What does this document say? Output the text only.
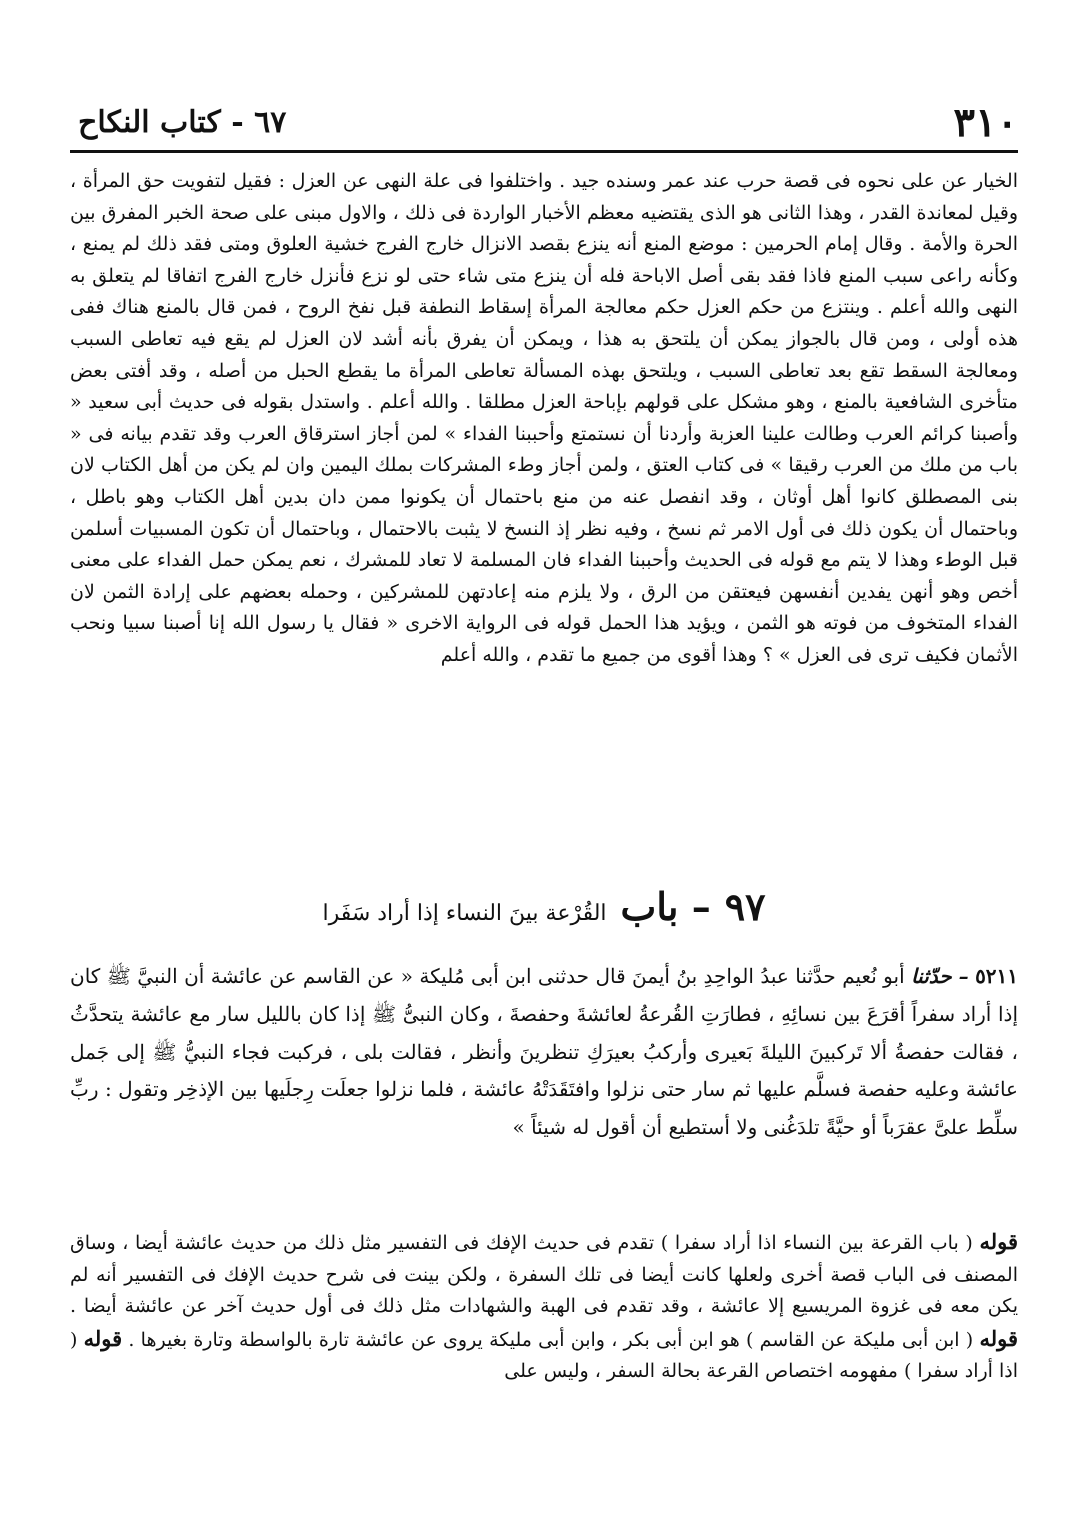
٣١٠
٦٧ - كتاب النكاح

الخيار عن على نحوه فى قصة حرب عند عمر وسنده جيد . واختلفوا فى علة النهى عن العزل : فقيل لتفويت حق المرأة ، وقيل لمعاندة القدر ، وهذا الثانى هو الذى يقتضيه معظم الأخبار الواردة فى ذلك ، والاول مبنى على صحة الخبر المفرق بين الحرة والأمة . وقال إمام الحرمين : موضع المنع أنه ينزع بقصد الانزال خارج الفرج خشية العلوق ومتى فقد ذلك لم يمنع ، وكأنه راعى سبب المنع فاذا فقد بقى أصل الاباحة فله أن ينزع متى شاء حتى لو نزع فأنزل خارج الفرج اتفاقا لم يتعلق به النهى والله أعلم . وينتزع من حكم العزل حكم معالجة المرأة إسقاط النطفة قبل نفخ الروح ، فمن قال بالمنع هناك ففى هذه أولى ، ومن قال بالجواز يمكن أن يلتحق به هذا ، ويمكن أن يفرق بأنه أشد لان العزل لم يقع فيه تعاطى السبب ومعالجة السقط تقع بعد تعاطى السبب ، ويلتحق بهذه المسألة تعاطى المرأة ما يقطع الحبل من أصله ، وقد أفتى بعض متأخرى الشافعية بالمنع ، وهو مشكل على قولهم بإباحة العزل مطلقا . والله أعلم . واستدل بقوله فى حديث أبى سعيد « وأصبنا كرائم العرب وطالت علينا العزبة وأردنا أن نستمتع وأحببنا الفداء » لمن أجاز استرقاق العرب وقد تقدم بيانه فى « باب من ملك من العرب رقيقا » فى كتاب العتق ، ولمن أجاز وطء المشركات بملك اليمين وان لم يكن من أهل الكتاب لان بنى المصطلق كانوا أهل أوثان ، وقد انفصل عنه من منع باحتمال أن يكونوا ممن دان بدين أهل الكتاب وهو باطل ، وباحتمال أن يكون ذلك فى أول الامر ثم نسخ ، وفيه نظر إذ النسخ لا يثبت بالاحتمال ، وباحتمال أن تكون المسبيات أسلمن قبل الوطء وهذا لا يتم مع قوله فى الحديث وأحببنا الفداء فان المسلمة لا تعاد للمشرك ، نعم يمكن حمل الفداء على معنى أخص وهو أنهن يفدين أنفسهن فيعتقن من الرق ، ولا يلزم منه إعادتهن للمشركين ، وحمله بعضهم على إرادة الثمن لان الفداء المتخوف من فوته هو الثمن ، ويؤيد هذا الحمل قوله فى الرواية الاخرى « فقال يا رسول الله إنا أصبنا سبيا ونحب الأثمان فكيف ترى فى العزل » ؟ وهذا أقوى من جميع ما تقدم ، والله أعلم

٩٧
– باب
القُرْعة بينَ النساء إذا أراد سَفَرا

٥٢١١ – حدّثنا أبو نُعيم حدَّثنا عبدُ الواحِدِ بنُ أيمنَ قال حدثنى ابن أبى مُليكة « عن القاسم عن عائشة أن النبيَّ ﷺ كان إذا أراد سفراً أقرَعَ بين نسائِهِ ، فطارَتِ القُرعةُ لعائشةَ وحفصةَ ، وكان النبىُّ ﷺ إذا كان بالليل سار مع عائشة يتحدَّثُ ، فقالت حفصةُ ألا تَركبينَ الليلةَ بَعيرى وأركبُ بعيرَكِ تنظرينَ وأنظر ، فقالت بلى ، فركبت فجاء النبيُّ ﷺ إلى جَمل عائشة وعليه حفصة فسلَّم عليها ثم سار حتى نزلوا وافتَقَدَتْهُ عائشة ، فلما نزلوا جعلَت رِجلَيها بين الإذخِر وتقول : ربِّ سلِّط علىَّ عقرَباً أو حيَّةً تلدَغُنى ولا أستطيع أن أقول له شيئاً »

قوله ( باب القرعة بين النساء اذا أراد سفرا ) تقدم فى حديث الإفك فى التفسير مثل ذلك من حديث عائشة أيضا ، وساق المصنف فى الباب قصة أخرى ولعلها كانت أيضا فى تلك السفرة ، ولكن بينت فى شرح حديث الإفك فى التفسير أنه لم يكن معه فى غزوة المريسيع إلا عائشة ، وقد تقدم فى الهبة والشهادات مثل ذلك فى أول حديث آخر عن عائشة أيضا . قوله ( ابن أبى مليكة عن القاسم ) هو ابن أبى بكر ، وابن أبى مليكة يروى عن عائشة تارة بالواسطة وتارة بغيرها . قوله ( اذا أراد سفرا ) مفهومه اختصاص القرعة بحالة السفر ، وليس على
